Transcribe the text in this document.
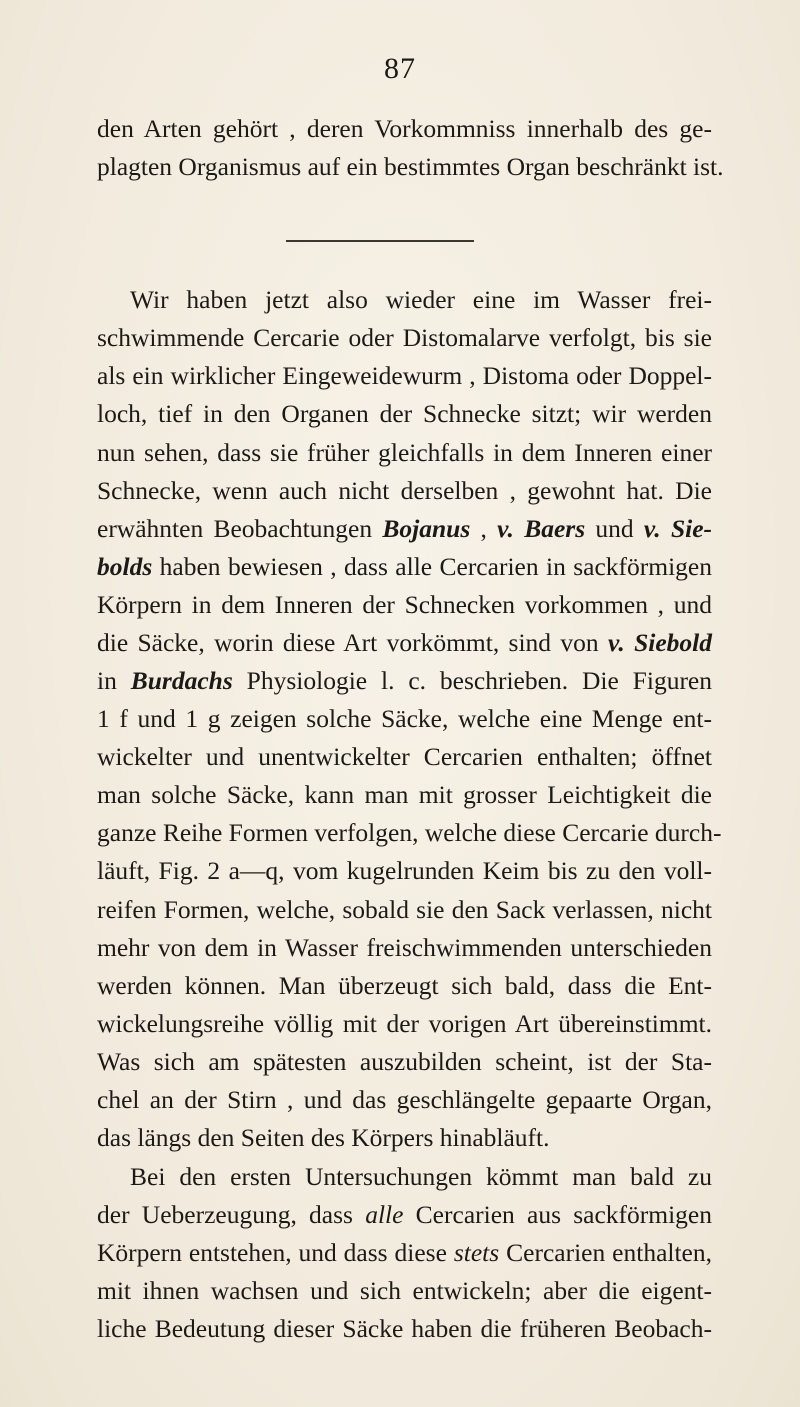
87
den Arten gehört , deren Vorkommniss innerhalb des ge-
plagten Organismus auf ein bestimmtes Organ beschränkt ist.
Wir haben jetzt also wieder eine im Wasser frei-
schwimmende Cercarie oder Distomalarve verfolgt, bis sie
als ein wirklicher Eingeweidewurm , Distoma oder Doppel-
loch, tief in den Organen der Schnecke sitzt; wir werden
nun sehen, dass sie früher gleichfalls in dem Inneren einer
Schnecke, wenn auch nicht derselben , gewohnt hat. Die
erwähnten Beobachtungen Bojanus , v. Baers und v. Sie-
bolds haben bewiesen , dass alle Cercarien in sackförmigen
Körpern in dem Inneren der Schnecken vorkommen , und
die Säcke, worin diese Art vorkömmt, sind von v. Siebold
in Burdachs Physiologie l. c. beschrieben. Die Figuren
1 f und 1 g zeigen solche Säcke, welche eine Menge ent-
wickelter und unentwickelter Cercarien enthalten; öffnet
man solche Säcke, kann man mit grosser Leichtigkeit die
ganze Reihe Formen verfolgen, welche diese Cercarie durch-
läuft, Fig. 2 a—q, vom kugelrunden Keim bis zu den voll-
reifen Formen, welche, sobald sie den Sack verlassen, nicht
mehr von dem in Wasser freischwimmenden unterschieden
werden können. Man überzeugt sich bald, dass die Ent-
wickelungsreihe völlig mit der vorigen Art übereinstimmt.
Was sich am spätesten auszubilden scheint, ist der Sta-
chel an der Stirn , und das geschlängelte gepaarte Organ,
das längs den Seiten des Körpers hinabläuft.
Bei den ersten Untersuchungen kömmt man bald zu
der Ueberzeugung, dass alle Cercarien aus sackförmigen
Körpern entstehen, und dass diese stets Cercarien enthalten,
mit ihnen wachsen und sich entwickeln; aber die eigent-
liche Bedeutung dieser Säcke haben die früheren Beobach-
